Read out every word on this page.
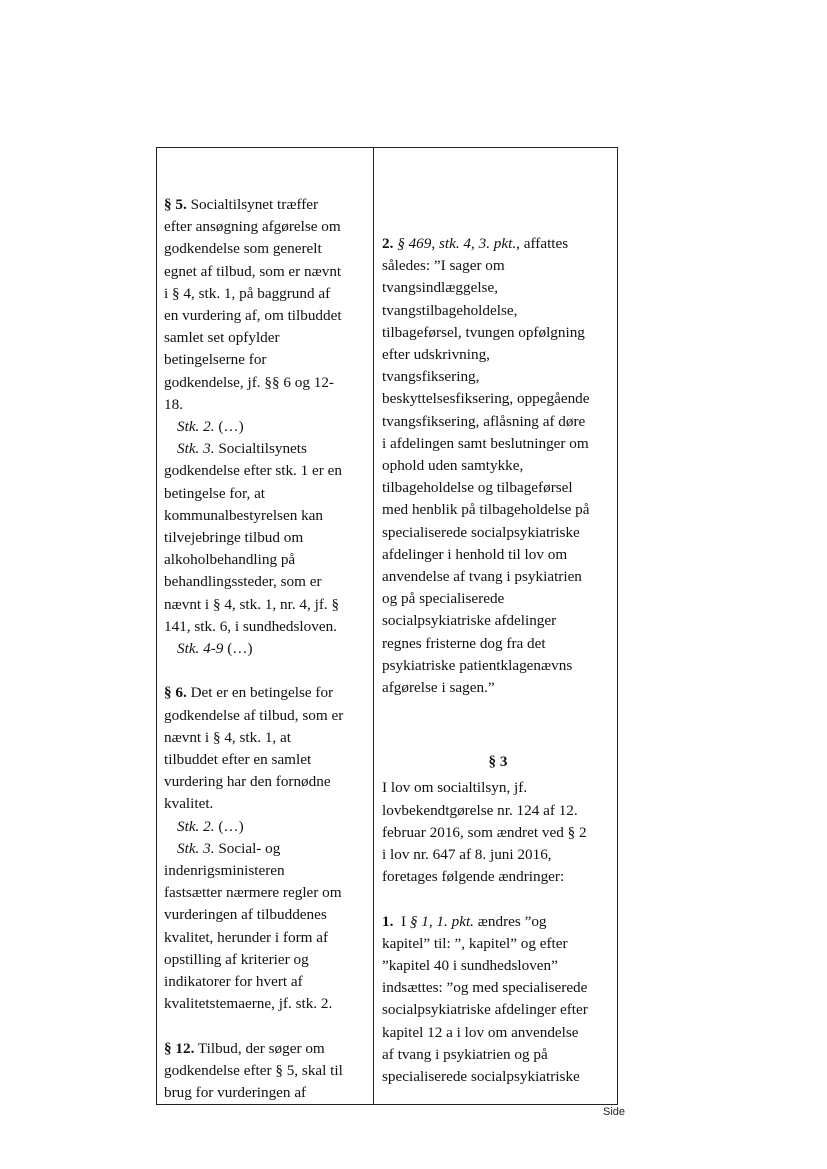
§ 5. Socialtilsynet træffer
efter ansøgning afgørelse om
godkendelse som generelt
egnet af tilbud, som er nævnt
i § 4, stk. 1, på baggrund af
en vurdering af, om tilbuddet
samlet set opfylder
betingelserne for
godkendelse, jf. §§ 6 og 12-
18.
Stk. 2. (…)
Stk. 3. Socialtilsynets
godkendelse efter stk. 1 er en
betingelse for, at
kommunalbestyrelsen kan
tilvejebringe tilbud om
alkoholbehandling på
behandlingssteder, som er
nævnt i § 4, stk. 1, nr. 4, jf. §
141, stk. 6, i sundhedsloven.
Stk. 4-9 (…)
§ 6. Det er en betingelse for
godkendelse af tilbud, som er
nævnt i § 4, stk. 1, at
tilbuddet efter en samlet
vurdering har den fornødne
kvalitet.
Stk. 2. (…)
Stk. 3. Social- og
indenrigsministeren
fastsætter nærmere regler om
vurderingen af tilbuddenes
kvalitet, herunder i form af
opstilling af kriterier og
indikatorer for hvert af
kvalitetstemaerne, jf. stk. 2.
§ 12. Tilbud, der søger om
godkendelse efter § 5, skal til
brug for vurderingen af
2. § 469, stk. 4, 3. pkt., affattes
således: ”I sager om
tvangsindlæggelse,
tvangstilbageholdelse,
tilbageførsel, tvungen opfølgning
efter udskrivning,
tvangsfiksering,
beskyttelsesfiksering, oppegående
tvangsfiksering, aflåsning af døre
i afdelingen samt beslutninger om
ophold uden samtykke,
tilbageholdelse og tilbageførsel
med henblik på tilbageholdelse på
specialiserede socialpsykiatriske
afdelinger i henhold til lov om
anvendelse af tvang i psykiatrien
og på specialiserede
socialpsykiatriske afdelinger
regnes fristerne dog fra det
psykiatriske patientklagenævns
afgørelse i sagen.”
§ 3
I lov om socialtilsyn, jf.
lovbekendtgørelse nr. 124 af 12.
februar 2016, som ændret ved § 2
i lov nr. 647 af 8. juni 2016,
foretages følgende ændringer:
1.  I § 1, 1. pkt. ændres ”og
kapitel” til: ”, kapitel” og efter
”kapitel 40 i sundhedsloven”
indsættes: ”og med specialiserede
socialpsykiatriske afdelinger efter
kapitel 12 a i lov om anvendelse
af tvang i psykiatrien og på
specialiserede socialpsykiatriske
Side
